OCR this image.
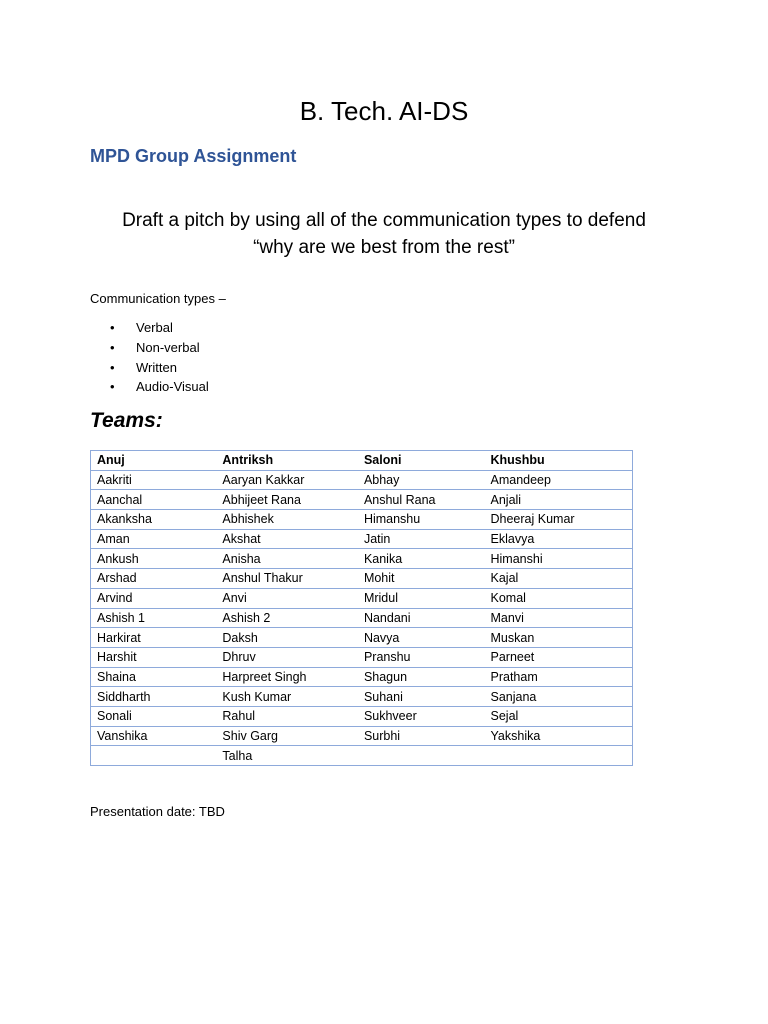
B. Tech. AI-DS
MPD Group Assignment
Draft a pitch by using all of the communication types to defend
“why are we best from the rest”

Communication types –

• Verbal
• Non-verbal
• Written
• Audio-Visual
Teams:
Anuj	Antriksh	Saloni	Khushbu
Aakriti	Aaryan Kakkar	Abhay	Amandeep
Aanchal	Abhijeet Rana	Anshul Rana	Anjali
Akanksha	Abhishek	Himanshu	Dheeraj Kumar
Aman	Akshat	Jatin	Eklavya
Ankush	Anisha	Kanika	Himanshi
Arshad	Anshul Thakur	Mohit	Kajal
Arvind	Anvi	Mridul	Komal
Ashish 1	Ashish 2	Nandani	Manvi
Harkirat	Daksh	Navya	Muskan
Harshit	Dhruv	Pranshu	Parneet
Shaina	Harpreet Singh	Shagun	Pratham
Siddharth	Kush Kumar	Suhani	Sanjana
Sonali	Rahul	Sukhveer	Sejal
Vanshika	Shiv Garg	Surbhi	Yakshika
	Talha		

Presentation date: TBD
